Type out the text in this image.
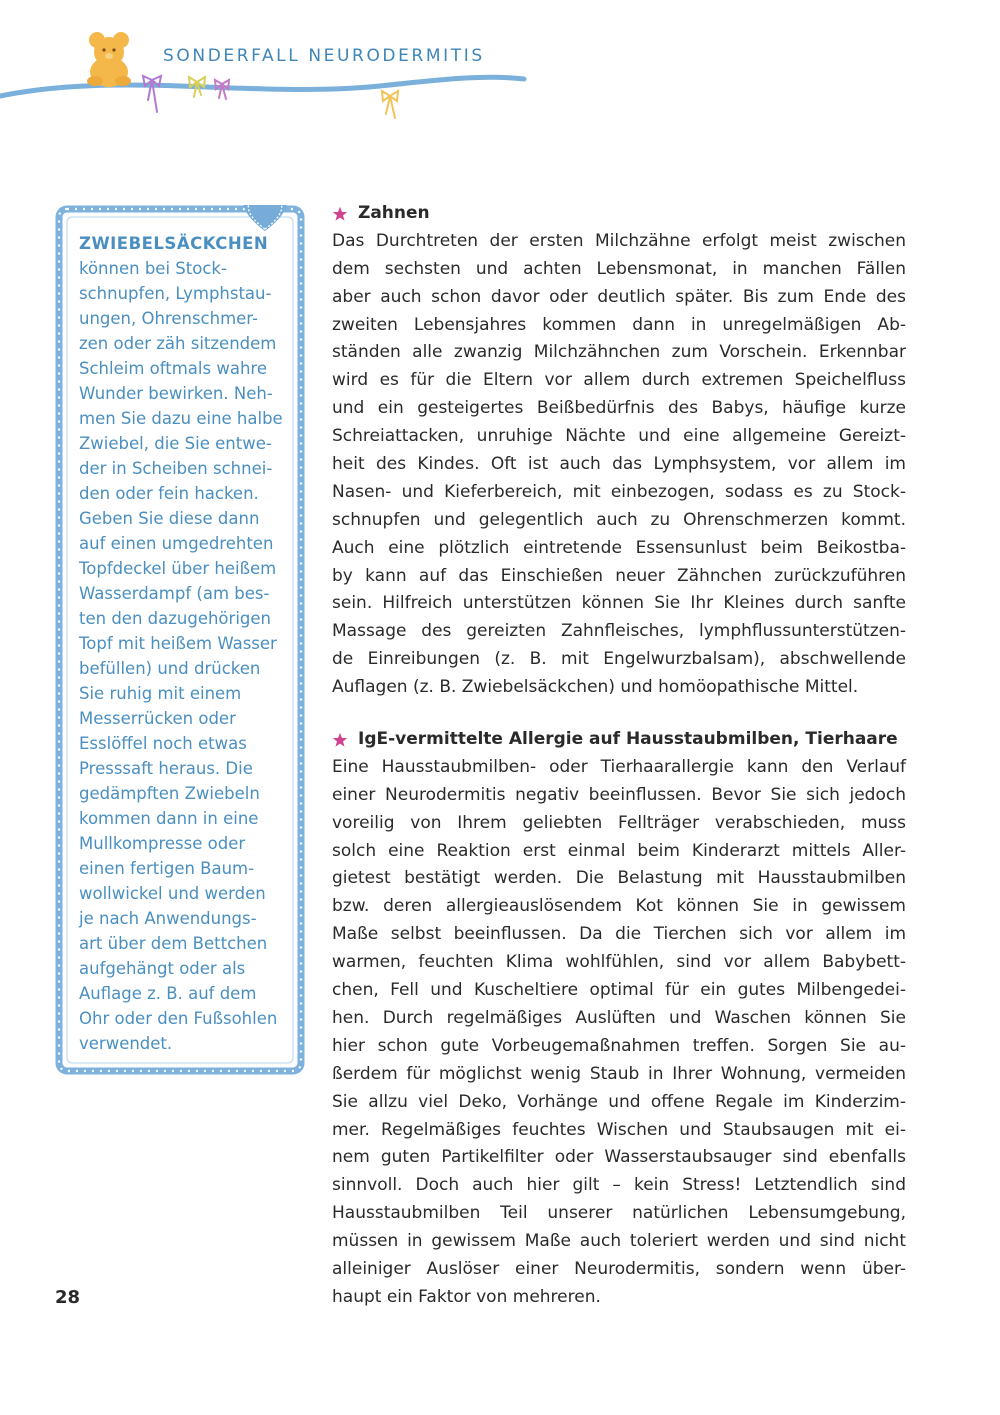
SONDERFALL NEURODERMITIS
ZWIEBELSÄCKCHEN
können bei Stock-
schnupfen, Lymphstau-
ungen, Ohrenschmer-
zen oder zäh sitzendem
Schleim oftmals wahre
Wunder bewirken. Neh-
men Sie dazu eine halbe
Zwiebel, die Sie entwe-
der in Scheiben schnei-
den oder fein hacken.
Geben Sie diese dann
auf einen umgedrehten
Topfdeckel über heißem
Wasserdampf (am bes-
ten den dazugehörigen
Topf mit heißem Wasser
befüllen) und drücken
Sie ruhig mit einem
Messerrücken oder
Esslöffel noch etwas
Presssaft heraus. Die
gedämpften Zwiebeln
kommen dann in eine
Mullkompresse oder
einen fertigen Baum-
wollwickel und werden
je nach Anwendungs-
art über dem Bettchen
aufgehängt oder als
Auflage z. B. auf dem
Ohr oder den Fußsohlen
verwendet.
Zahnen
Das Durchtreten der ersten Milchzähne erfolgt meist zwischen
dem sechsten und achten Lebensmonat, in manchen Fällen
aber auch schon davor oder deutlich später. Bis zum Ende des
zweiten Lebensjahres kommen dann in unregelmäßigen Ab-
ständen alle zwanzig Milchzähnchen zum Vorschein. Erkennbar
wird es für die Eltern vor allem durch extremen Speichelfluss
und ein gesteigertes Beißbedürfnis des Babys, häufige kurze
Schreiattacken, unruhige Nächte und eine allgemeine Gereizt-
heit des Kindes. Oft ist auch das Lymphsystem, vor allem im
Nasen- und Kieferbereich, mit einbezogen, sodass es zu Stock-
schnupfen und gelegentlich auch zu Ohrenschmerzen kommt.
Auch eine plötzlich eintretende Essensunlust beim Beikostba-
by kann auf das Einschießen neuer Zähnchen zurückzuführen
sein. Hilfreich unterstützen können Sie Ihr Kleines durch sanfte
Massage des gereizten Zahnfleisches, lymphflussunterstützen-
de Einreibungen (z. B. mit Engelwurzbalsam), abschwellende
Auflagen (z. B. Zwiebelsäckchen) und homöopathische Mittel.
IgE-vermittelte Allergie auf Hausstaubmilben, Tierhaare
Eine Hausstaubmilben- oder Tierhaarallergie kann den Verlauf
einer Neurodermitis negativ beeinflussen. Bevor Sie sich jedoch
voreilig von Ihrem geliebten Fellträger verabschieden, muss
solch eine Reaktion erst einmal beim Kinderarzt mittels Aller-
gietest bestätigt werden. Die Belastung mit Hausstaubmilben
bzw. deren allergieauslösendem Kot können Sie in gewissem
Maße selbst beeinflussen. Da die Tierchen sich vor allem im
warmen, feuchten Klima wohlfühlen, sind vor allem Babybett-
chen, Fell und Kuscheltiere optimal für ein gutes Milbengedei-
hen. Durch regelmäßiges Auslüften und Waschen können Sie
hier schon gute Vorbeugemaßnahmen treffen. Sorgen Sie au-
ßerdem für möglichst wenig Staub in Ihrer Wohnung, vermeiden
Sie allzu viel Deko, Vorhänge und offene Regale im Kinderzim-
mer. Regelmäßiges feuchtes Wischen und Staubsaugen mit ei-
nem guten Partikelfilter oder Wasserstaubsauger sind ebenfalls
sinnvoll. Doch auch hier gilt – kein Stress! Letztendlich sind
Hausstaubmilben Teil unserer natürlichen Lebensumgebung,
müssen in gewissem Maße auch toleriert werden und sind nicht
alleiniger Auslöser einer Neurodermitis, sondern wenn über-
haupt ein Faktor von mehreren.
28
